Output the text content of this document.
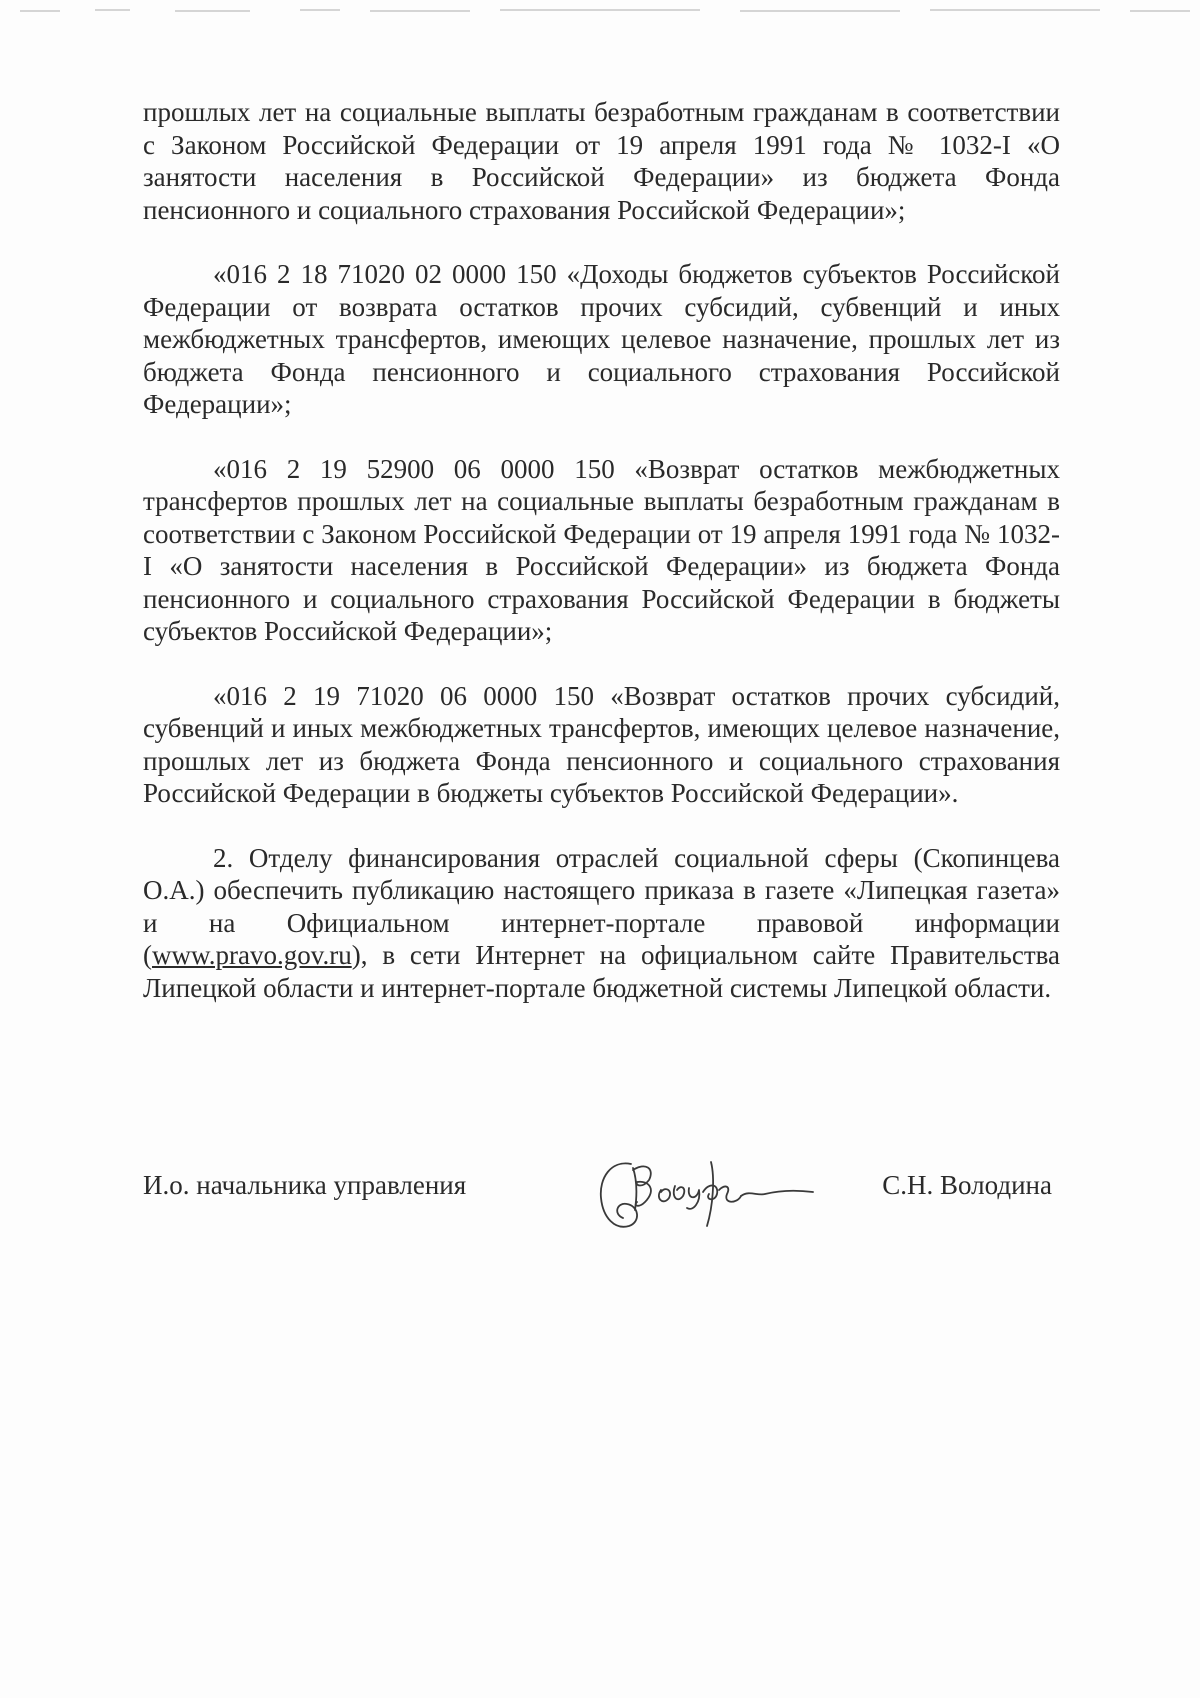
прошлых лет на социальные выплаты безработным гражданам в соответствии с Законом Российской Федерации от 19 апреля 1991 года № 1032-I «О занятости населения в Российской Федерации» из бюджета Фонда пенсионного и социального страхования Российской Федерации»;

«016 2 18 71020 02 0000 150 «Доходы бюджетов субъектов Российской Федерации от возврата остатков прочих субсидий, субвенций и иных межбюджетных трансфертов, имеющих целевое назначение, прошлых лет из бюджета Фонда пенсионного и социального страхования Российской Федерации»;

«016 2 19 52900 06 0000 150 «Возврат остатков межбюджетных трансфертов прошлых лет на социальные выплаты безработным гражданам в соответствии с Законом Российской Федерации от 19 апреля 1991 года № 1032-I «О занятости населения в Российской Федерации» из бюджета Фонда пенсионного и социального страхования Российской Федерации в бюджеты субъектов Российской Федерации»;

«016 2 19 71020 06 0000 150 «Возврат остатков прочих субсидий, субвенций и иных межбюджетных трансфертов, имеющих целевое назначение, прошлых лет из бюджета Фонда пенсионного и социального страхования Российской Федерации в бюджеты субъектов Российской Федерации».

2. Отделу финансирования отраслей социальной сферы (Скопинцева О.А.) обеспечить публикацию настоящего приказа в газете «Липецкая газета» и на Официальном интернет-портале правовой информации (www.pravo.gov.ru), в сети Интернет на официальном сайте Правительства Липецкой области и интернет-портале бюджетной системы Липецкой области.

И.о. начальника управления	С.Н. Володина
